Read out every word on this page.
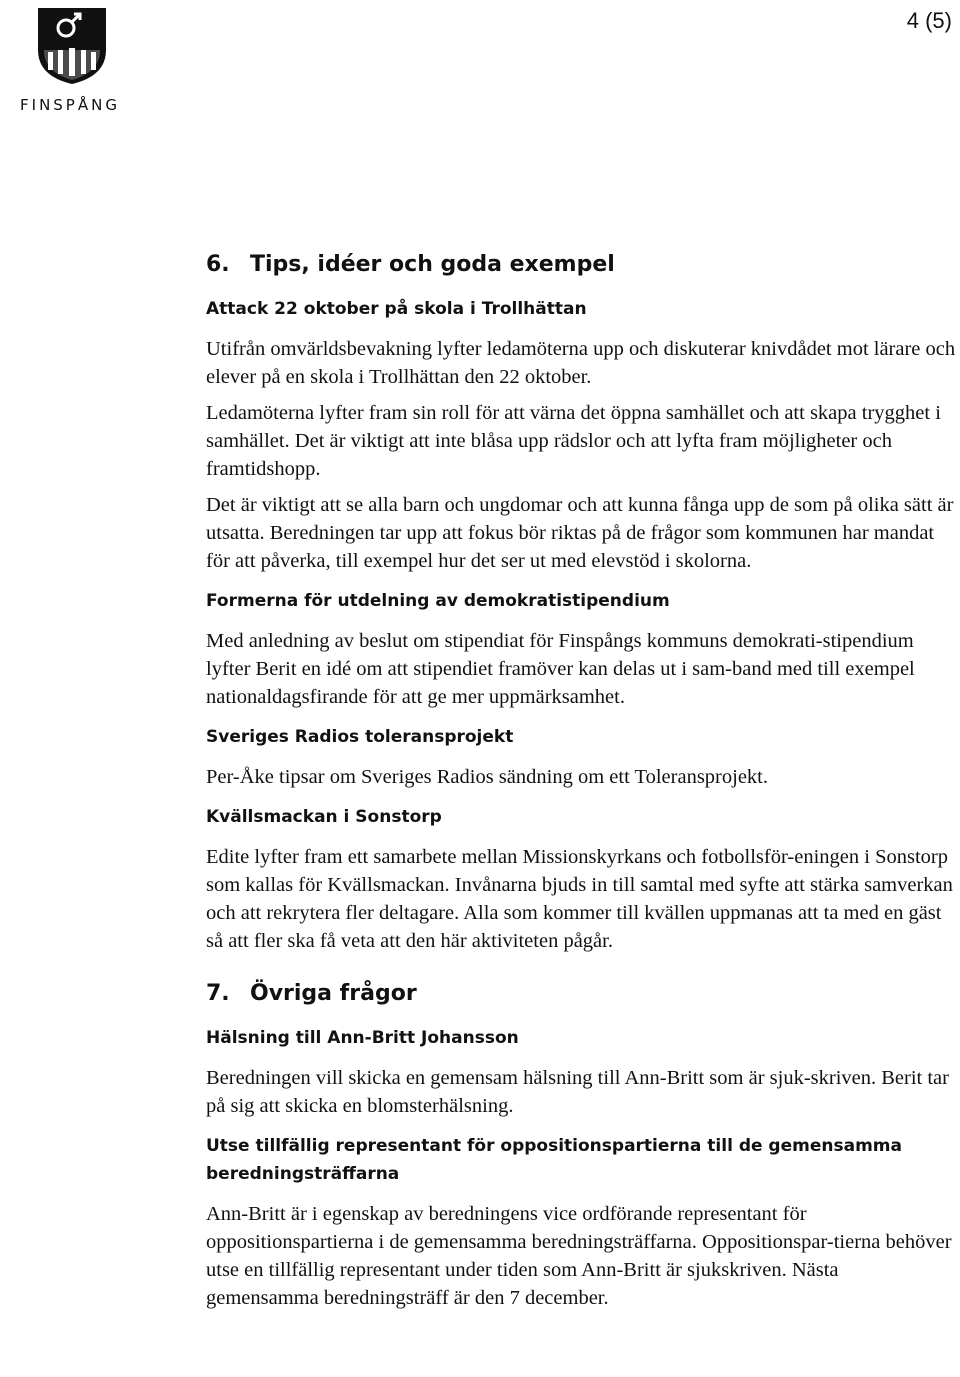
FINSPÅNG
4 (5)
6. Tips, idéer och goda exempel
Attack 22 oktober på skola i Trollhättan

Utifrån omvärldsbevakning lyfter ledamöterna upp och diskuterar knivdådet mot lärare och elever på en skola i Trollhättan den 22 oktober.

Ledamöterna lyfter fram sin roll för att värna det öppna samhället och att skapa trygghet i samhället. Det är viktigt att inte blåsa upp rädslor och att lyfta fram möjligheter och framtidshopp.

Det är viktigt att se alla barn och ungdomar och att kunna fånga upp de som på olika sätt är utsatta. Beredningen tar upp att fokus bör riktas på de frågor som kommunen har mandat för att påverka, till exempel hur det ser ut med elevstöd i skolorna.

Formerna för utdelning av demokratistipendium

Med anledning av beslut om stipendiat för Finspångs kommuns demokrati-stipendium lyfter Berit en idé om att stipendiet framöver kan delas ut i sam-band med till exempel nationaldagsfirande för att ge mer uppmärksamhet.

Sveriges Radios toleransprojekt

Per-Åke tipsar om Sveriges Radios sändning om ett Toleransprojekt.

Kvällsmackan i Sonstorp

Edite lyfter fram ett samarbete mellan Missionskyrkans och fotbollsför-eningen i Sonstorp som kallas för Kvällsmackan. Invånarna bjuds in till samtal med syfte att stärka samverkan och att rekrytera fler deltagare. Alla som kommer till kvällen uppmanas att ta med en gäst så att fler ska få veta att den här aktiviteten pågår.

7. Övriga frågor
Hälsning till Ann-Britt Johansson

Beredningen vill skicka en gemensam hälsning till Ann-Britt som är sjuk-skriven. Berit tar på sig att skicka en blomsterhälsning.

Utse tillfällig representant för oppositionspartierna till de gemensamma beredningsträffarna

Ann-Britt är i egenskap av beredningens vice ordförande representant för oppositionspartierna i de gemensamma beredningsträffarna. Oppositionspar-tierna behöver utse en tillfällig representant under tiden som Ann-Britt är sjukskriven. Nästa gemensamma beredningsträff är den 7 december.
